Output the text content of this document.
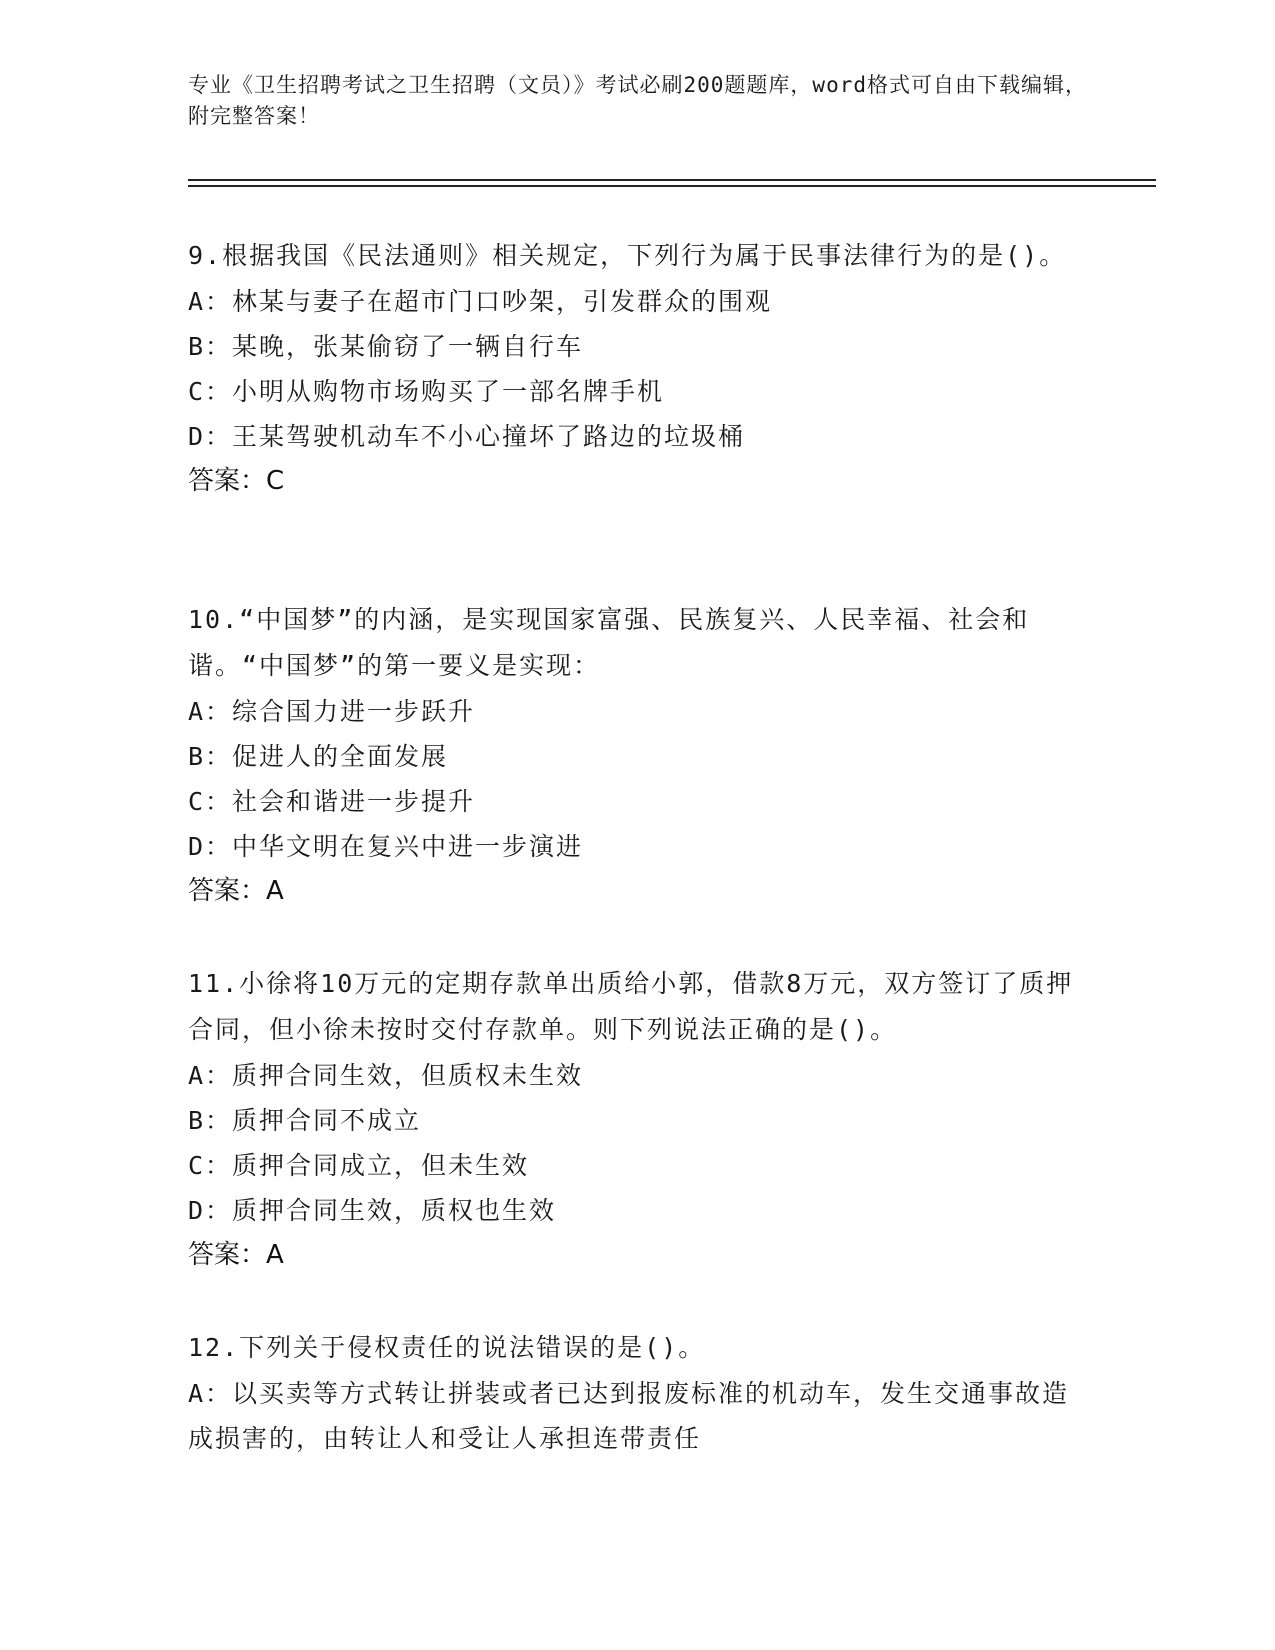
专业《卫生招聘考试之卫生招聘（文员）》考试必刷200题题库，word格式可自由下载编辑，附完整答案！

9.根据我国《民法通则》相关规定，下列行为属于民事法律行为的是()。

A：林某与妻子在超市门口吵架，引发群众的围观

B：某晚，张某偷窃了一辆自行车

C：小明从购物市场购买了一部名牌手机

D：王某驾驶机动车不小心撞坏了路边的垃圾桶

答案：C

10.“中国梦”的内涵，是实现国家富强、民族复兴、人民幸福、社会和谐。“中国梦”的第一要义是实现：

A：综合国力进一步跃升

B：促进人的全面发展

C：社会和谐进一步提升

D：中华文明在复兴中进一步演进

答案：A

11.小徐将10万元的定期存款单出质给小郭，借款8万元，双方签订了质押合同，但小徐未按时交付存款单。则下列说法正确的是()。

A：质押合同生效，但质权未生效

B：质押合同不成立

C：质押合同成立，但未生效

D：质押合同生效，质权也生效

答案：A

12.下列关于侵权责任的说法错误的是()。

A：以买卖等方式转让拼装或者已达到报废标准的机动车，发生交通事故造成损害的，由转让人和受让人承担连带责任
